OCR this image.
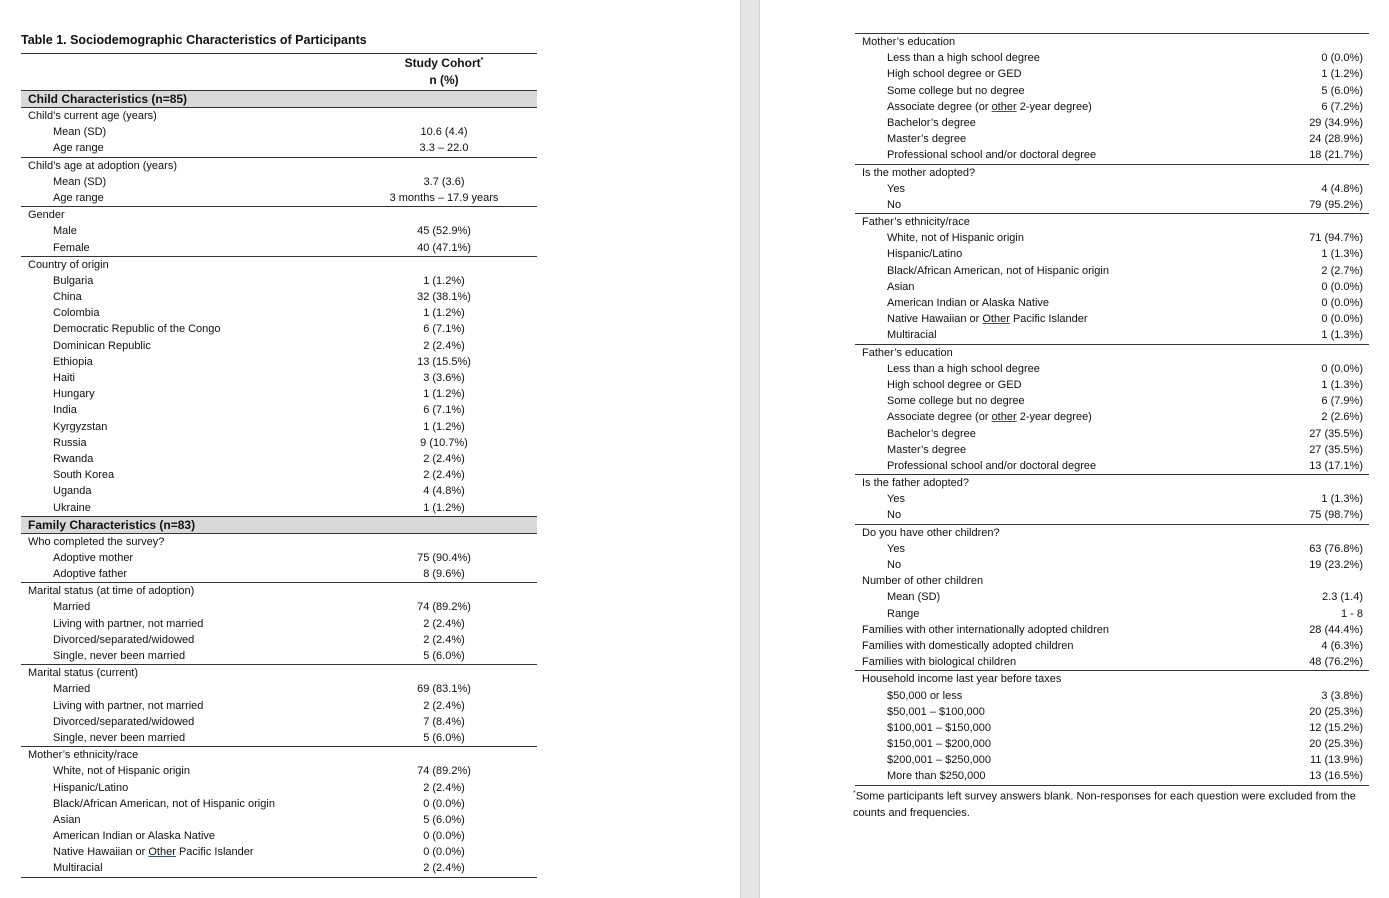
Table 1. Sociodemographic Characteristics of Participants
Study Cohort*
n (%)
Child Characteristics (n=85)
Child’s current age (years)
Mean (SD)	10.6 (4.4)
Age range	3.3 – 22.0
Child’s age at adoption (years)
Mean (SD)	3.7 (3.6)
Age range	3 months – 17.9 years
Gender
Male	45 (52.9%)
Female	40 (47.1%)
Country of origin
Bulgaria	1 (1.2%)
China	32 (38.1%)
Colombia	1 (1.2%)
Democratic Republic of the Congo	6 (7.1%)
Dominican Republic	2 (2.4%)
Ethiopia	13 (15.5%)
Haiti	3 (3.6%)
Hungary	1 (1.2%)
India	6 (7.1%)
Kyrgyzstan	1 (1.2%)
Russia	9 (10.7%)
Rwanda	2 (2.4%)
South Korea	2 (2.4%)
Uganda	4 (4.8%)
Ukraine	1 (1.2%)
Family Characteristics (n=83)
Who completed the survey?
Adoptive mother	75 (90.4%)
Adoptive father	8 (9.6%)
Marital status (at time of adoption)
Married	74 (89.2%)
Living with partner, not married	2 (2.4%)
Divorced/separated/widowed	2 (2.4%)
Single, never been married	5 (6.0%)
Marital status (current)
Married	69 (83.1%)
Living with partner, not married	2 (2.4%)
Divorced/separated/widowed	7 (8.4%)
Single, never been married	5 (6.0%)
Mother’s ethnicity/race
White, not of Hispanic origin	74 (89.2%)
Hispanic/Latino	2 (2.4%)
Black/African American, not of Hispanic origin	0 (0.0%)
Asian	5 (6.0%)
American Indian or Alaska Native	0 (0.0%)
Native Hawaiian or Other Pacific Islander	0 (0.0%)
Multiracial	2 (2.4%)
Mother’s education
Less than a high school degree	0 (0.0%)
High school degree or GED	1 (1.2%)
Some college but no degree	5 (6.0%)
Associate degree (or other 2-year degree)	6 (7.2%)
Bachelor’s degree	29 (34.9%)
Master’s degree	24 (28.9%)
Professional school and/or doctoral degree	18 (21.7%)
Is the mother adopted?
Yes	4 (4.8%)
No	79 (95.2%)
Father’s ethnicity/race
White, not of Hispanic origin	71 (94.7%)
Hispanic/Latino	1 (1.3%)
Black/African American, not of Hispanic origin	2 (2.7%)
Asian	0 (0.0%)
American Indian or Alaska Native	0 (0.0%)
Native Hawaiian or Other Pacific Islander	0 (0.0%)
Multiracial	1 (1.3%)
Father’s education
Less than a high school degree	0 (0.0%)
High school degree or GED	1 (1.3%)
Some college but no degree	6 (7.9%)
Associate degree (or other 2-year degree)	2 (2.6%)
Bachelor’s degree	27 (35.5%)
Master’s degree	27 (35.5%)
Professional school and/or doctoral degree	13 (17.1%)
Is the father adopted?
Yes	1 (1.3%)
No	75 (98.7%)
Do you have other children?
Yes	63 (76.8%)
No	19 (23.2%)
Number of other children
Mean (SD)	2.3 (1.4)
Range	1 - 8
Families with other internationally adopted children	28 (44.4%)
Families with domestically adopted children	4 (6.3%)
Families with biological children	48 (76.2%)
Household income last year before taxes
$50,000 or less	3 (3.8%)
$50,001 – $100,000	20 (25.3%)
$100,001 – $150,000	12 (15.2%)
$150,001 – $200,000	20 (25.3%)
$200,001 – $250,000	11 (13.9%)
More than $250,000	13 (16.5%)
*Some participants left survey answers blank. Non-responses for each question were excluded from the counts and frequencies.
